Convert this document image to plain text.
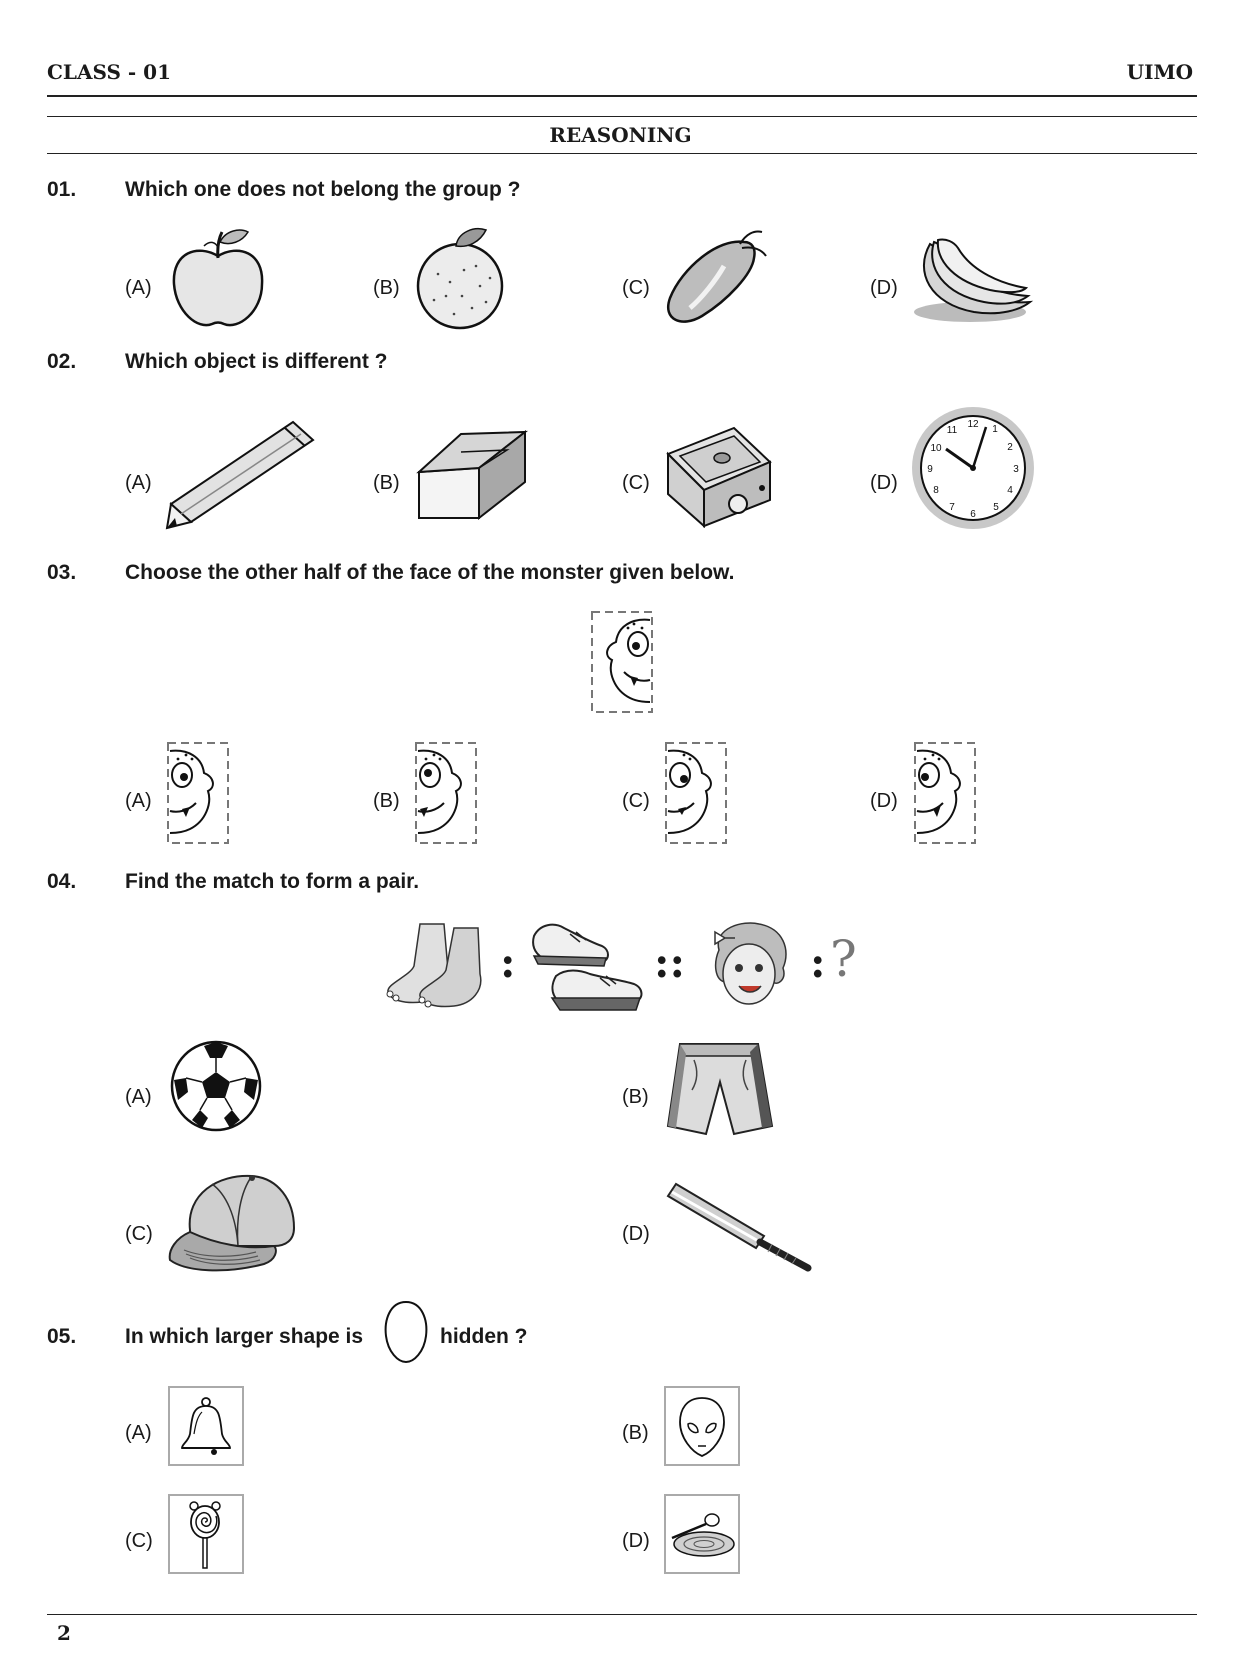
CLASS - 01	UIMO
REASONING
01. Which one does not belong the group ?
(A)	(B)	(C)	(D)
02. Which object is different ?
(A)	(B)	(C)	(D)
12 1
2
3
4
5
6
7
8
9
10
11
03. Choose the other half of the face of the monster given below.
(A)	(B)	(C)	(D)
04. Find the match to form a pair.
:	::	: ?
(A)	(B)
(C)	(D)
05. In which larger shape is	hidden ?
(A)	(B)
(C)	(D)
2
